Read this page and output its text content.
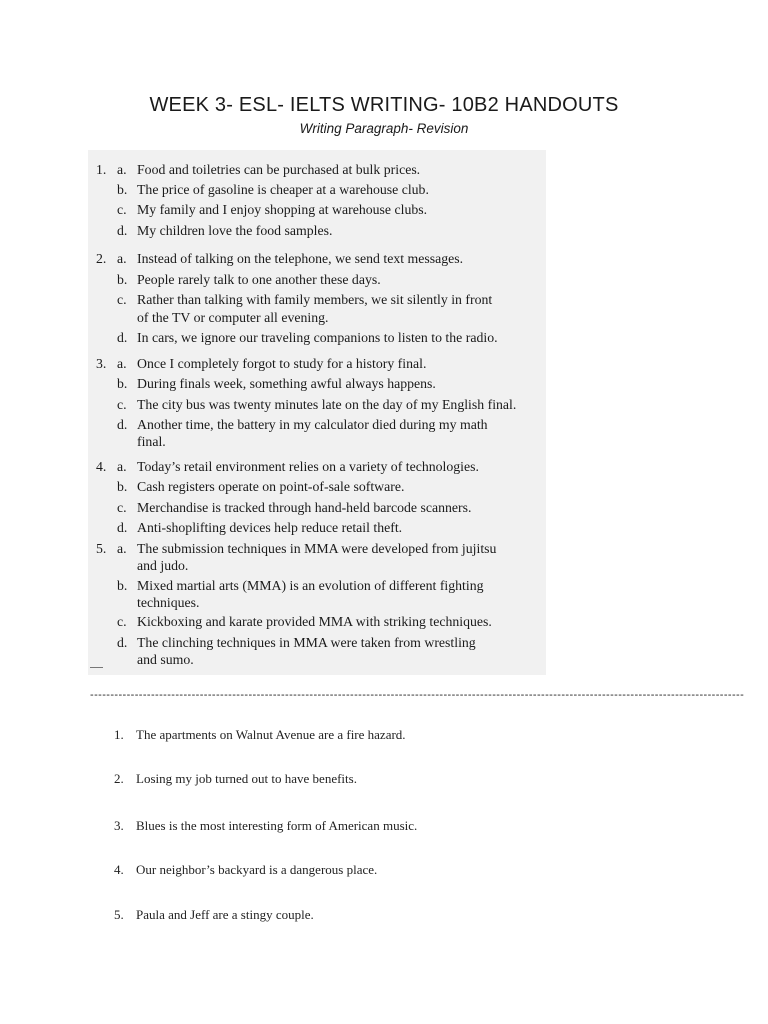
WEEK 3- ESL- IELTS WRITING- 10B2 HANDOUTS
Writing Paragraph- Revision
1. a. Food and toiletries can be purchased at bulk prices.
b. The price of gasoline is cheaper at a warehouse club.
c. My family and I enjoy shopping at warehouse clubs.
d. My children love the food samples.
2. a. Instead of talking on the telephone, we send text messages.
b. People rarely talk to one another these days.
c. Rather than talking with family members, we sit silently in front
of the TV or computer all evening.
d. In cars, we ignore our traveling companions to listen to the radio.
3. a. Once I completely forgot to study for a history final.
b. During finals week, something awful always happens.
c. The city bus was twenty minutes late on the day of my English final.
d. Another time, the battery in my calculator died during my math
final.
4. a. Today’s retail environment relies on a variety of technologies.
b. Cash registers operate on point-of-sale software.
c. Merchandise is tracked through hand-held barcode scanners.
d. Anti-shoplifting devices help reduce retail theft.
5. a. The submission techniques in MMA were developed from jujitsu
and judo.
b. Mixed martial arts (MMA) is an evolution of different fighting
techniques.
c. Kickboxing and karate provided MMA with striking techniques.
d. The clinching techniques in MMA were taken from wrestling
and sumo.
-----------------------------------------------------------------------------------------------------------------------------------------------------------------
1. The apartments on Walnut Avenue are a fire hazard.
2. Losing my job turned out to have benefits.
3. Blues is the most interesting form of American music.
4. Our neighbor’s backyard is a dangerous place.
5. Paula and Jeff are a stingy couple.
